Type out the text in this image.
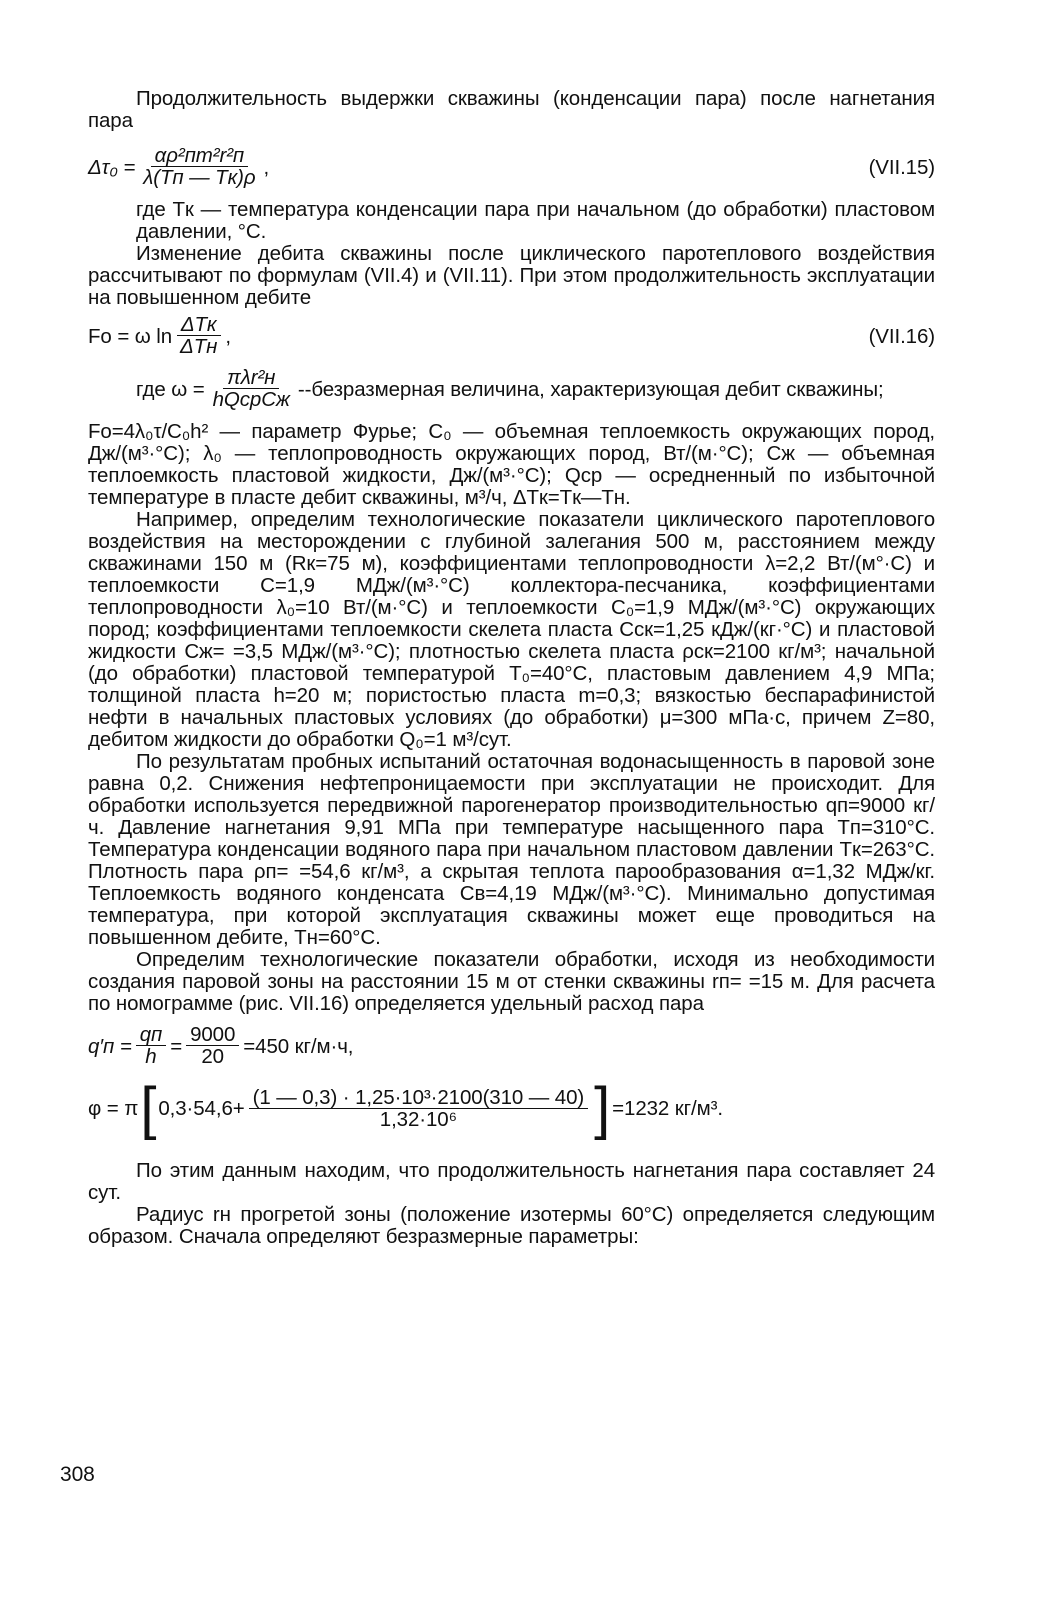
Продолжительность выдержки скважины (конденсации пара) после нагнетания пара

$\Delta\tau_0 = \frac{\text{αρ²пm²r²п}}{\lambda(Tп — Tк)\rho}$ ,	(VII.15)

где Tк — температура конденсации пара при начальном (до обработки) пластовом давлении, °С.

Изменение дебита скважины после циклического паротеплового воздействия рассчитывают по формулам (VII.4) и (VII.11). При этом продолжительность эксплуатации на повышенном дебите

Fo = ω $\ln \frac{\text{ΔTк}}{\text{ΔTн}}$ ,	(VII.16)
где $\omega = \frac{\text{πλr²н}}{\text{hQсрCж}}$ --безразмерная величина, характеризующая дебит скважины;

Fo=4λ₀τ/C₀h² — параметр Фурье; C₀ — объемная теплоемкость окружающих пород, Дж/(м³·°С); λ₀ — теплопроводность окружающих пород, Вт/(м·°С); Cж — объемная теплоемкость пластовой жидкости, Дж/(м³·°С); Qср — осредненный по избыточной температуре в пласте дебит скважины, м³/ч, ΔTк=Tк—Tн.

Например, определим технологические показатели циклического паротеплового воздействия на месторождении с глубиной залегания 500 м, расстоянием между скважинами 150 м (Rк=75 м), коэффициентами теплопроводности λ=2,2 Вт/(м°·С) и теплоемкости C=1,9 МДж/(м³·°С) коллектора-песчаника, коэффициентами теплопроводности λ₀=10 Вт/(м·°С) и теплоемкости C₀=1,9 МДж/(м³·°С) окружающих пород; коэффициентами теплоемкости скелета пласта Cск=1,25 кДж/(кг·°С) и пластовой жидкости Cж= =3,5 МДж/(м³·°С); плотностью скелета пласта ρск=2100 кг/м³; начальной (до обработки) пластовой температурой T₀=40°С, пластовым давлением 4,9 МПа; толщиной пласта h=20 м; пористостью пласта m=0,3; вязкостью беспарафинистой нефти в начальных пластовых условиях (до обработки) μ=300 мПа·с, причем Z=80, дебитом жидкости до обработки Q₀=1 м³/сут.

По результатам пробных испытаний остаточная водонасыщенность в паровой зоне равна 0,2. Снижения нефтепроницаемости при эксплуатации не происходит. Для обработки используется передвижной парогенератор производительностью qп=9000 кг/ч. Давление нагнетания 9,91 МПа при температуре насыщенного пара Tп=310°С. Температура конденсации водяного пара при начальном пластовом давлении Tк=263°С. Плотность пара ρп= =54,6 кг/м³, а скрытая теплота парообразования α=1,32 МДж/кг. Теплоемкость водяного конденсата Cв=4,19 МДж/(м³·°С). Минимально допустимая температура, при которой эксплуатация скважины может еще проводиться на повышенном дебите, Tн=60°С.

Определим технологические показатели обработки, исходя из необходимости создания паровой зоны на расстоянии 15 м от стенки скважины rп= =15 м. Для расчета по номограмме (рис. VII.16) определяется удельный расход пара

$q'п = \frac{qп}{h} = \frac{9000}{20} =450$ кг/м·ч,
φ = π [ $0,3\cdot 54,6+ \frac{\text{(1 — 0,3) · 1,25·10³·2100(310 — 40)}}{\text{1,32·10⁶}}$ ] =1232 кг/м³.

По этим данным находим, что продолжительность нагнетания пара составляет 24 сут.

Радиус rн прогретой зоны (положение изотермы 60°С) определяется следующим образом. Сначала определяют безразмерные параметры:

308
